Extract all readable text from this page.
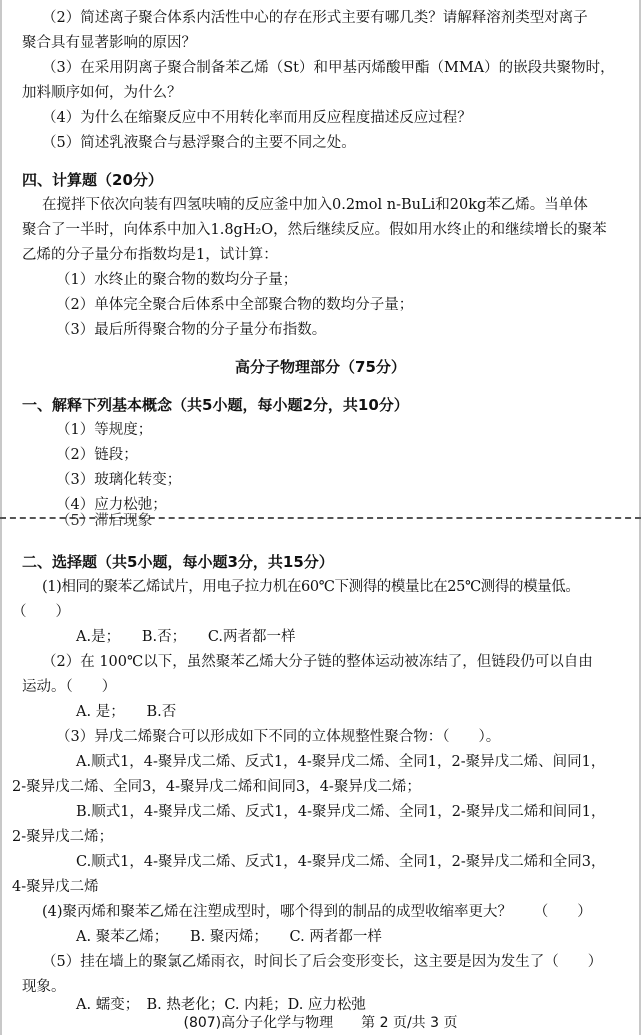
（2）简述离子聚合体系内活性中心的存在形式主要有哪几类？请解释溶剂类型对离子
聚合具有显著影响的原因？
（3）在采用阴离子聚合制备苯乙烯（St）和甲基丙烯酸甲酯（MMA）的嵌段共聚物时，
加料顺序如何，为什么？
（4）为什么在缩聚反应中不用转化率而用反应程度描述反应过程？
（5）简述乳液聚合与悬浮聚合的主要不同之处。
四、计算题（20分）
在搅拌下依次向装有四氢呋喃的反应釜中加入0.2mol n-BuLi和20kg苯乙烯。当单体
聚合了一半时，向体系中加入1.8gH₂O，然后继续反应。假如用水终止的和继续增长的聚苯
乙烯的分子量分布指数均是1，试计算：
（1）水终止的聚合物的数均分子量；
（2）单体完全聚合后体系中全部聚合物的数均分子量；
（3）最后所得聚合物的分子量分布指数。
高分子物理部分（75分）
一、解释下列基本概念（共5小题，每小题2分，共10分）
（1）等规度；
（2）链段；
（3）玻璃化转变；
（4）应力松弛；
（5）滞后现象
二、选择题（共5小题，每小题3分，共15分）
(1)相同的聚苯乙烯试片，用电子拉力机在60℃下测得的模量比在25℃测得的模量低。
（　　）
A.是；　　B.否；　　C.两者都一样
（2）在 100℃以下，虽然聚苯乙烯大分子链的整体运动被冻结了，但链段仍可以自由
运动。（　　）
A. 是；　　B.否
（3）异戊二烯聚合可以形成如下不同的立体规整性聚合物：（　　）。
A.顺式1，4-聚异戊二烯、反式1，4-聚异戊二烯、全同1，2-聚异戊二烯、间同1，
2-聚异戊二烯、全同3，4-聚异戊二烯和间同3，4-聚异戊二烯；
B.顺式1，4-聚异戊二烯、反式1，4-聚异戊二烯、全同1，2-聚异戊二烯和间同1，
2-聚异戊二烯；
C.顺式1，4-聚异戊二烯、反式1，4-聚异戊二烯、全同1，2-聚异戊二烯和全同3，
4-聚异戊二烯
(4)聚丙烯和聚苯乙烯在注塑成型时，哪个得到的制品的成型收缩率更大？　　（　　）
A. 聚苯乙烯；　　B. 聚丙烯；　　C. 两者都一样
（5）挂在墙上的聚氯乙烯雨衣，时间长了后会变形变长，这主要是因为发生了（　　）
现象。
A. 蠕变；　B. 热老化；C. 内耗；D. 应力松弛
(807)高分子化学与物理　　第 2 页/共 3 页
